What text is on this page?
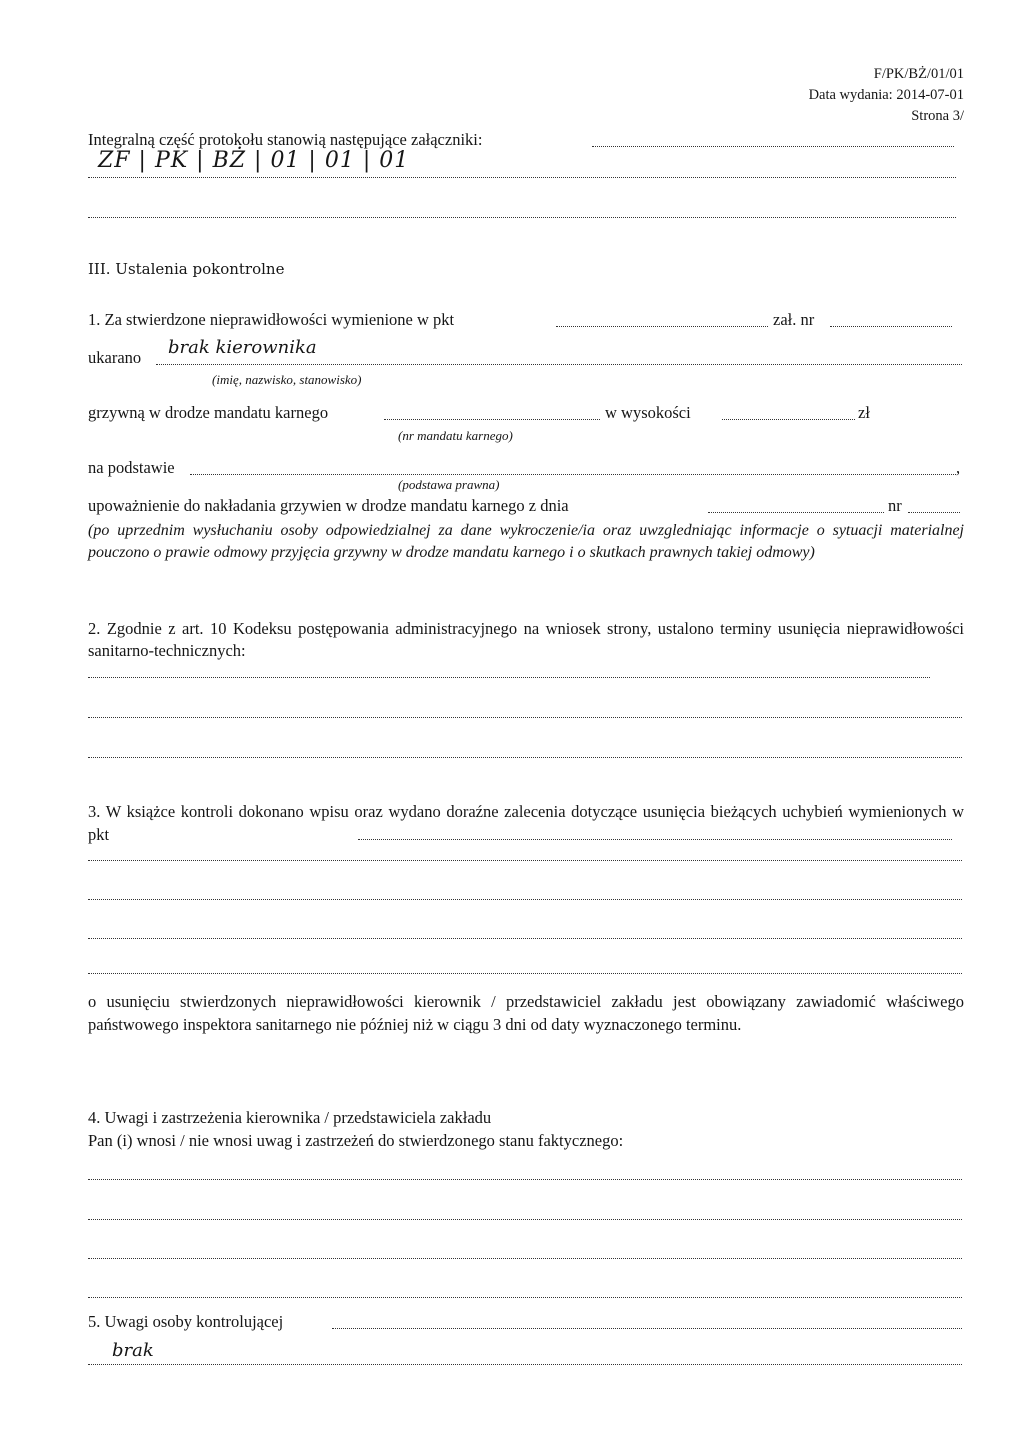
F/PK/BŻ/01/01
Data wydania: 2014-07-01
Strona 3/
Integralną część protokołu stanowią następujące załączniki:
ZF | PK | BŻ | 01 | 01 | 01
III. Ustalenia pokontrolne
1. Za stwierdzone nieprawidłowości wymienione w pkt	zał. nr
ukarano brak kierownika
(imię, nazwisko, stanowisko)
grzywną w drodze mandatu karnego	w wysokości	zł
(nr mandatu karnego)
na podstawie	,
(podstawa prawna)
upoważnienie do nakładania grzywien w drodze mandatu karnego z dnia	nr
(po uprzednim wysłuchaniu osoby odpowiedzialnej za dane wykroczenie/ia oraz uwzgledniając informacje o sytuacji materialnej pouczono o prawie odmowy przyjęcia grzywny w drodze mandatu karnego i o skutkach prawnych takiej odmowy)
2. Zgodnie z art. 10 Kodeksu postępowania administracyjnego na wniosek strony, ustalono terminy usunięcia nieprawidłowości sanitarno-technicznych:
3. W książce kontroli dokonano wpisu oraz wydano doraźne zalecenia dotyczące usunięcia bieżących uchybień wymienionych w pkt
o usunięciu stwierdzonych nieprawidłowości kierownik / przedstawiciel zakładu jest obowiązany zawiadomić właściwego państwowego inspektora sanitarnego nie później niż w ciągu 3 dni od daty wyznaczonego terminu.
4. Uwagi i zastrzeżenia kierownika / przedstawiciela zakładu
Pan (i) wnosi / nie wnosi uwag i zastrzeżeń do stwierdzonego stanu faktycznego:
5. Uwagi osoby kontrolującej
brak
